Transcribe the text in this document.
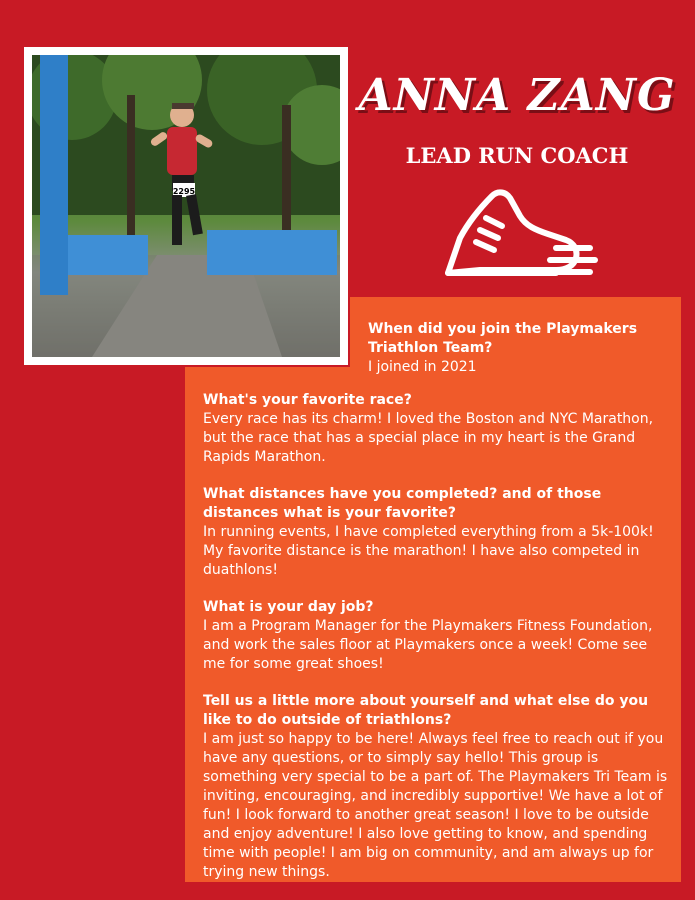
2295
ANNA ZANG
LEAD RUN COACH
When did you join the Playmakers Triathlon Team?
I joined in 2021
What's your favorite race?
Every race has its charm! I loved the Boston and NYC Marathon, but the race that has a special place in my heart is the Grand Rapids Marathon.
What distances have you completed? and of those distances what is your favorite?
In running events, I have completed everything from a 5k-100k! My favorite distance is the marathon! I have also competed in duathlons!
What is your day job?
I am a Program Manager for the Playmakers Fitness Foundation, and work the sales floor at Playmakers once a week! Come see me for some great shoes!
Tell us a little more about yourself and what else do you like to do outside of triathlons?
I am just so happy to be here! Always feel free to reach out if you have any questions, or to simply say hello! This group is something very special to be a part of. The Playmakers Tri Team is inviting, encouraging, and incredibly supportive! We have a lot of fun! I look forward to another great season! I love to be outside and enjoy adventure! I also love getting to know, and spending time with people! I am big on community, and am always up for trying new things.
